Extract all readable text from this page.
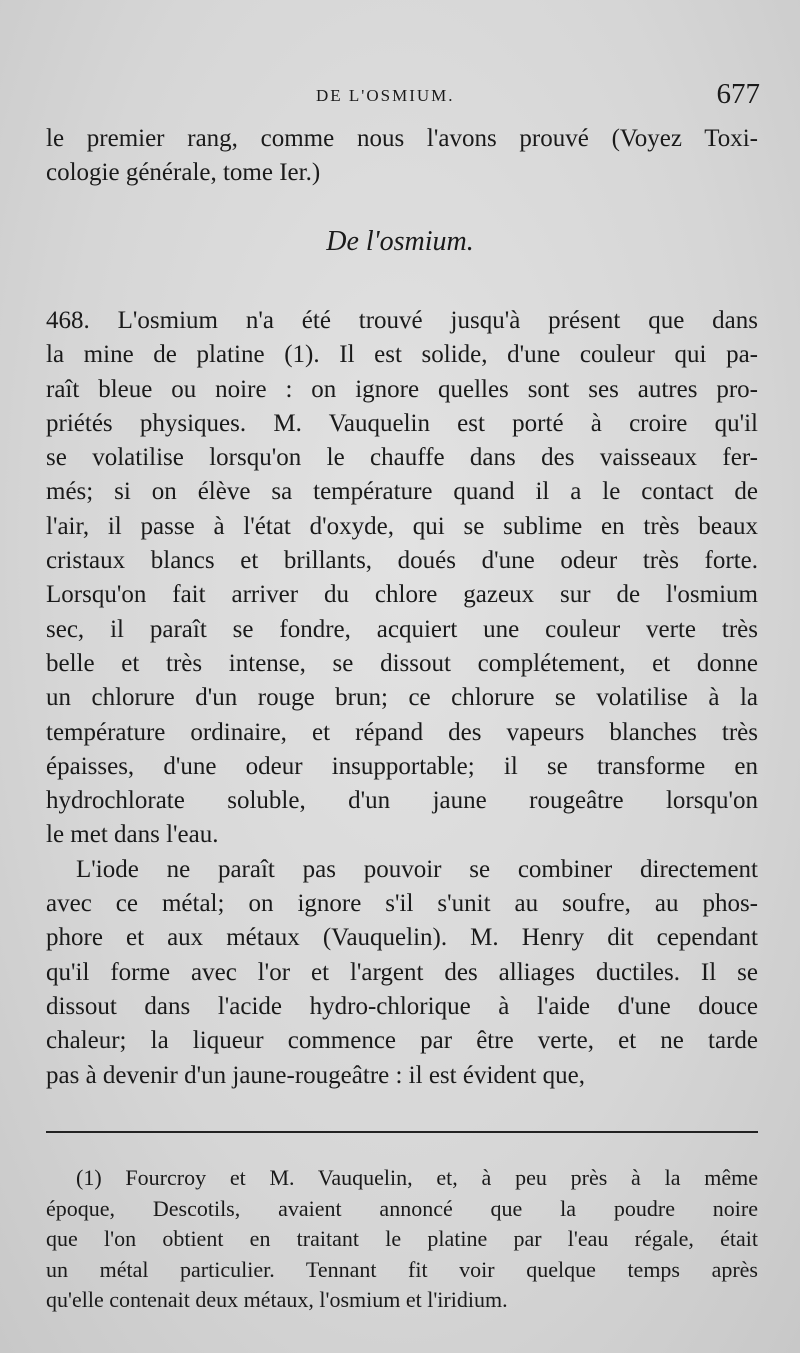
DE L'OSMIUM.	677
le premier rang, comme nous l'avons prouvé (Voyez Toxi-
cologie générale, tome Ier.)
De l'osmium.
468. L'osmium n'a été trouvé jusqu'à présent que dans
la mine de platine (1). Il est solide, d'une couleur qui pa-
raît bleue ou noire : on ignore quelles sont ses autres pro-
priétés physiques. M. Vauquelin est porté à croire qu'il
se volatilise lorsqu'on le chauffe dans des vaisseaux fer-
més; si on élève sa température quand il a le contact de
l'air, il passe à l'état d'oxyde, qui se sublime en très beaux
cristaux blancs et brillants, doués d'une odeur très forte.
Lorsqu'on fait arriver du chlore gazeux sur de l'osmium
sec, il paraît se fondre, acquiert une couleur verte très
belle et très intense, se dissout complétement, et donne
un chlorure d'un rouge brun; ce chlorure se volatilise à la
température ordinaire, et répand des vapeurs blanches très
épaisses, d'une odeur insupportable; il se transforme en
hydrochlorate soluble, d'un jaune rougeâtre lorsqu'on
le met dans l'eau.
L'iode ne paraît pas pouvoir se combiner directement
avec ce métal; on ignore s'il s'unit au soufre, au phos-
phore et aux métaux (Vauquelin). M. Henry dit cependant
qu'il forme avec l'or et l'argent des alliages ductiles. Il se
dissout dans l'acide hydro-chlorique à l'aide d'une douce
chaleur; la liqueur commence par être verte, et ne tarde
pas à devenir d'un jaune-rougeâtre : il est évident que,
(1) Fourcroy et M. Vauquelin, et, à peu près à la même
époque, Descotils, avaient annoncé que la poudre noire
que l'on obtient en traitant le platine par l'eau régale, était
un métal particulier. Tennant fit voir quelque temps après
qu'elle contenait deux métaux, l'osmium et l'iridium.
